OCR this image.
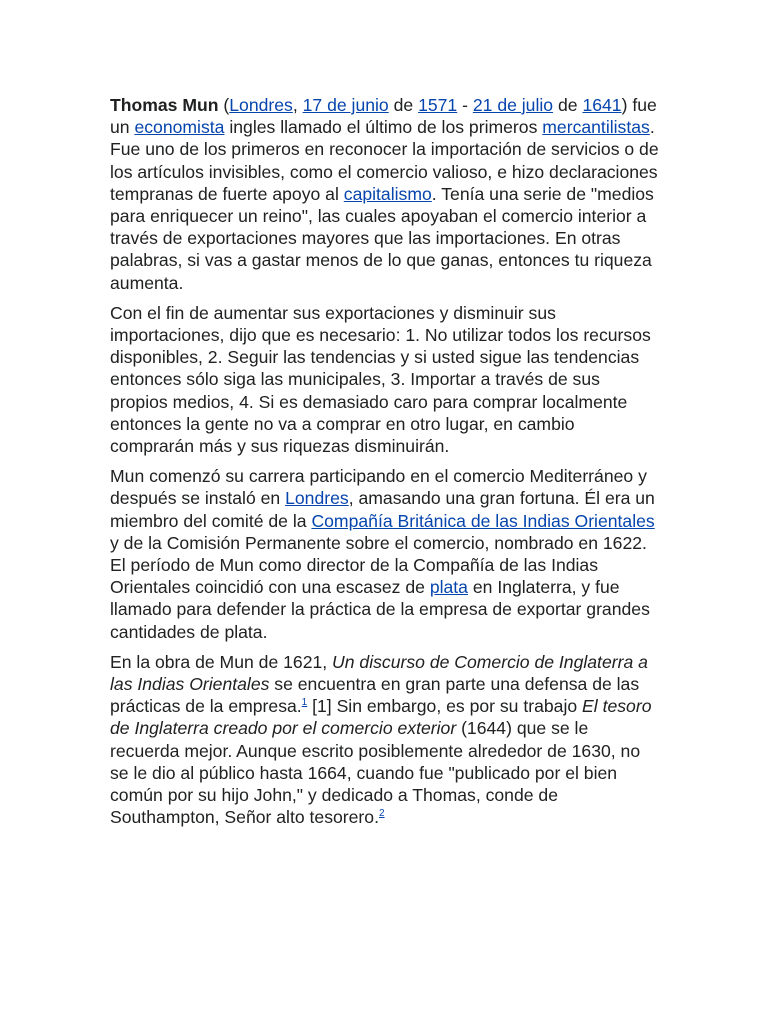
Thomas Mun (Londres, 17 de junio de 1571 - 21 de julio de 1641) fue un economista ingles llamado el último de los primeros mercantilistas. Fue uno de los primeros en reconocer la importación de servicios o de los artículos invisibles, como el comercio valioso, e hizo declaraciones tempranas de fuerte apoyo al capitalismo. Tenía una serie de "medios para enriquecer un reino", las cuales apoyaban el comercio interior a través de exportaciones mayores que las importaciones. En otras palabras, si vas a gastar menos de lo que ganas, entonces tu riqueza aumenta.

Con el fin de aumentar sus exportaciones y disminuir sus importaciones, dijo que es necesario: 1. No utilizar todos los recursos disponibles, 2. Seguir las tendencias y si usted sigue las tendencias entonces sólo siga las municipales, 3. Importar a través de sus propios medios, 4. Si es demasiado caro para comprar localmente entonces la gente no va a comprar en otro lugar, en cambio comprarán más y sus riquezas disminuirán.

Mun comenzó su carrera participando en el comercio Mediterráneo y después se instaló en Londres, amasando una gran fortuna. Él era un miembro del comité de la Compañía Británica de las Indias Orientales y de la Comisión Permanente sobre el comercio, nombrado en 1622. El período de Mun como director de la Compañía de las Indias Orientales coincidió con una escasez de plata en Inglaterra, y fue llamado para defender la práctica de la empresa de exportar grandes cantidades de plata.

En la obra de Mun de 1621, Un discurso de Comercio de Inglaterra a las Indias Orientales se encuentra en gran parte una defensa de las prácticas de la empresa.$^1$ [1] Sin embargo, es por su trabajo El tesoro de Inglaterra creado por el comercio exterior (1644) que se le recuerda mejor. Aunque escrito posiblemente alrededor de 1630, no se le dio al público hasta 1664, cuando fue "publicado por el bien común por su hijo John," y dedicado a Thomas, conde de Southampton, Señor alto tesorero.$^2$
